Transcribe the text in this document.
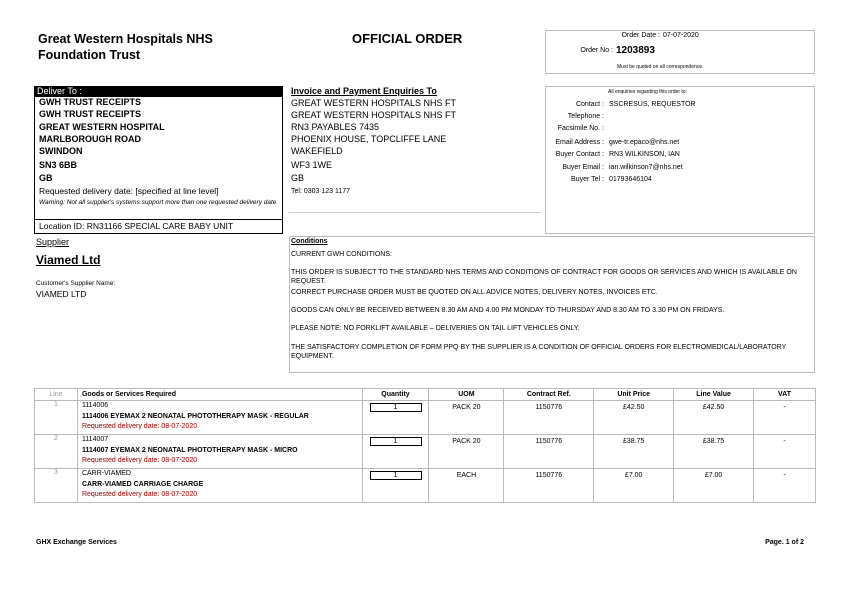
Great Western Hospitals NHS
Foundation Trust
OFFICIAL ORDER	Order Date : 07-07-2020
Order No : 1203893
Must be quoted on all correspondence.
Deliver To :
GWH TRUST RECEIPTS
GWH TRUST RECEIPTS
GREAT WESTERN HOSPITAL
MARLBOROUGH ROAD
SWINDON
SN3 6BB
GB
Requested delivery date: [specified at line level]
Warning: Not all supplier's systems support more than one requested delivery date
Location ID: RN31166 SPECIAL CARE BABY UNIT
Invoice and Payment Enquiries To
GREAT WESTERN HOSPITALS NHS FT
GREAT WESTERN HOSPITALS NHS FT
RN3 PAYABLES 7435
PHOENIX HOUSE, TOPCLIFFE LANE
WAKEFIELD
WF3 1WE
GB
Tel: 0303 123 1177
All enquiries regarding this order to:
Contact : SSCRESUS, REQUESTOR
Telephone :
Facsimile No. :
Email Address : gwe-tr.epaco@nhs.net
Buyer Contact : RN3 WILKINSON, IAN
Buyer Email : ian.wilkinson7@nhs.net
Buyer Tel : 01793646104
Supplier
Viamed Ltd
Customer's Supplier Name:
VIAMED LTD
Conditions
CURRENT GWH CONDITIONS:
THIS ORDER IS SUBJECT TO THE STANDARD NHS TERMS AND CONDITIONS OF CONTRACT FOR GOODS OR SERVICES AND WHICH IS AVAILABLE ON REQUEST.
CORRECT PURCHASE ORDER MUST BE QUOTED ON ALL ADVICE NOTES, DELIVERY NOTES, INVOICES ETC.
GOODS CAN ONLY BE RECEIVED BETWEEN 8.30 AM AND 4.00 PM MONDAY TO THURSDAY AND 8.30 AM TO 3.30 PM ON FRIDAYS.
PLEASE NOTE: NO FORKLIFT AVAILABLE – DELIVERIES ON TAIL LIFT VEHICLES ONLY.
THE SATISFACTORY COMPLETION OF FORM PPQ BY THE SUPPLIER IS A CONDITION OF OFFICIAL ORDERS FOR ELECTROMEDICAL/LABORATORY EQUIPMENT.
Line	Goods or Services Required	Quantity	UOM	Contract Ref.	Unit Price	Line Value	VAT
1	1114006
1114006 EYEMAX 2 NEONATAL PHOTOTHERAPY MASK - REGULAR
Requested delivery date: 08-07-2020	1	PACK 20	1150776	£42.50	£42.50	-
2	1114007
1114007 EYEMAX 2 NEONATAL PHOTOTHERAPY MASK - MICRO
Requested delivery date: 08-07-2020	1	PACK 20	1150776	£38.75	£38.75	-
3	CARR-VIAMED
CARR-VIAMED CARRIAGE CHARGE
Requested delivery date: 08-07-2020	1	EACH	1150776	£7.00	£7.00	-
GHX Exchange Services	Page. 1 of 2
